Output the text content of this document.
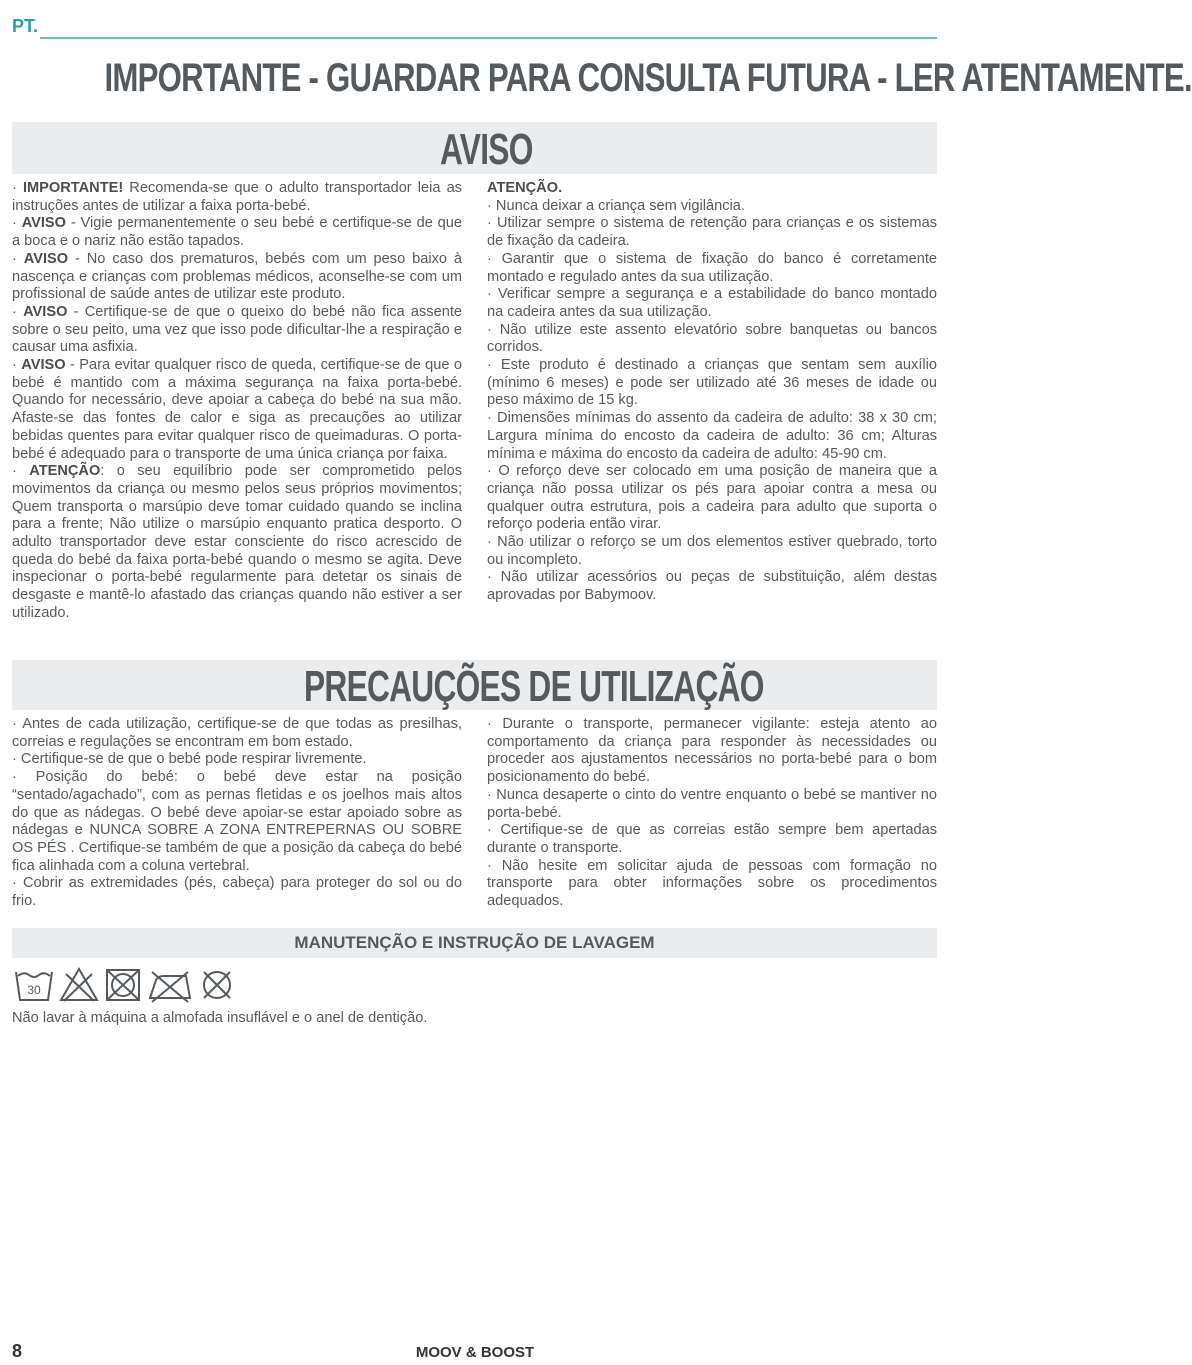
PT.
IMPORTANTE - GUARDAR PARA CONSULTA FUTURA - LER ATENTAMENTE.
AVISO

· IMPORTANTE! Recomenda-se que o adulto transportador leia as instruções antes de utilizar a faixa porta-bebé.

· AVISO - Vigie permanentemente o seu bebé e certifique-se de que a boca e o nariz não estão tapados.

· AVISO - No caso dos prematuros, bebés com um peso baixo à nascença e crianças com problemas médicos, aconselhe-se com um profissional de saúde antes de utilizar este produto.

· AVISO - Certifique-se de que o queixo do bebé não fica assente sobre o seu peito, uma vez que isso pode dificultar-lhe a respiração e causar uma asfixia.

· AVISO - Para evitar qualquer risco de queda, certifique-se de que o bebé é mantido com a máxima segurança na faixa porta-bebé. Quando for necessário, deve apoiar a cabeça do bebé na sua mão. Afaste-se das fontes de calor e siga as precauções ao utilizar bebidas quentes para evitar qualquer risco de queimaduras. O porta-bebé é adequado para o transporte de uma única criança por faixa.

· ATENÇÃO: o seu equilíbrio pode ser comprometido pelos movimentos da criança ou mesmo pelos seus próprios movimentos; Quem transporta o marsúpio deve tomar cuidado quando se inclina para a frente; Não utilize o marsúpio enquanto pratica desporto. O adulto transportador deve estar consciente do risco acrescido de queda do bebé da faixa porta-bebé quando o mesmo se agita. Deve inspecionar o porta-bebé regularmente para detetar os sinais de desgaste e mantê-lo afastado das crianças quando não estiver a ser utilizado.

ATENÇÃO.

· Nunca deixar a criança sem vigilância.

· Utilizar sempre o sistema de retenção para crianças e os sistemas de fixação da cadeira.

· Garantir que o sistema de fixação do banco é corretamente montado e regulado antes da sua utilização.

· Verificar sempre a segurança e a estabilidade do banco montado na cadeira antes da sua utilização.

· Não utilize este assento elevatório sobre banquetas ou bancos corridos.

· Este produto é destinado a crianças que sentam sem auxílio (mínimo 6 meses) e pode ser utilizado até 36 meses de idade ou peso máximo de 15 kg.

· Dimensões mínimas do assento da cadeira de adulto: 38 x 30 cm; Largura mínima do encosto da cadeira de adulto: 36 cm; Alturas mínima e máxima do encosto da cadeira de adulto: 45-90 cm.

· O reforço deve ser colocado em uma posição de maneira que a criança não possa utilizar os pés para apoiar contra a mesa ou qualquer outra estrutura, pois a cadeira para adulto que suporta o reforço poderia então virar.

· Não utilizar o reforço se um dos elementos estiver quebrado, torto ou incompleto.

· Não utilizar acessórios ou peças de substituição, além destas aprovadas por Babymoov.

PRECAUÇÕES DE UTILIZAÇÃO

· Antes de cada utilização, certifique-se de que todas as presilhas, correias e regulações se encontram em bom estado.

· Certifique-se de que o bebé pode respirar livremente.

· Posição do bebé: o bebé deve estar na posição “sentado/agachado”, com as pernas fletidas e os joelhos mais altos do que as nádegas. O bebé deve apoiar-se estar apoiado sobre as nádegas e NUNCA SOBRE A ZONA ENTREPERNAS OU SOBRE OS PÉS . Certifique-se também de que a posição da cabeça do bebé fica alinhada com a coluna vertebral.

· Cobrir as extremidades (pés, cabeça) para proteger do sol ou do frio.

· Durante o transporte, permanecer vigilante: esteja atento ao comportamento da criança para responder às necessidades ou proceder aos ajustamentos necessários no porta-bebé para o bom posicionamento do bebé.

· Nunca desaperte o cinto do ventre enquanto o bebé se mantiver no porta-bebé.

· Certifique-se de que as correias estão sempre bem apertadas durante o transporte.

· Não hesite em solicitar ajuda de pessoas com formação no transporte para obter informações sobre os procedimentos adequados.

MANUTENÇÃO E INSTRUÇÃO DE LAVAGEM
30
Não lavar à máquina a almofada insuflável e o anel de dentição.
8	MOOV & BOOST
